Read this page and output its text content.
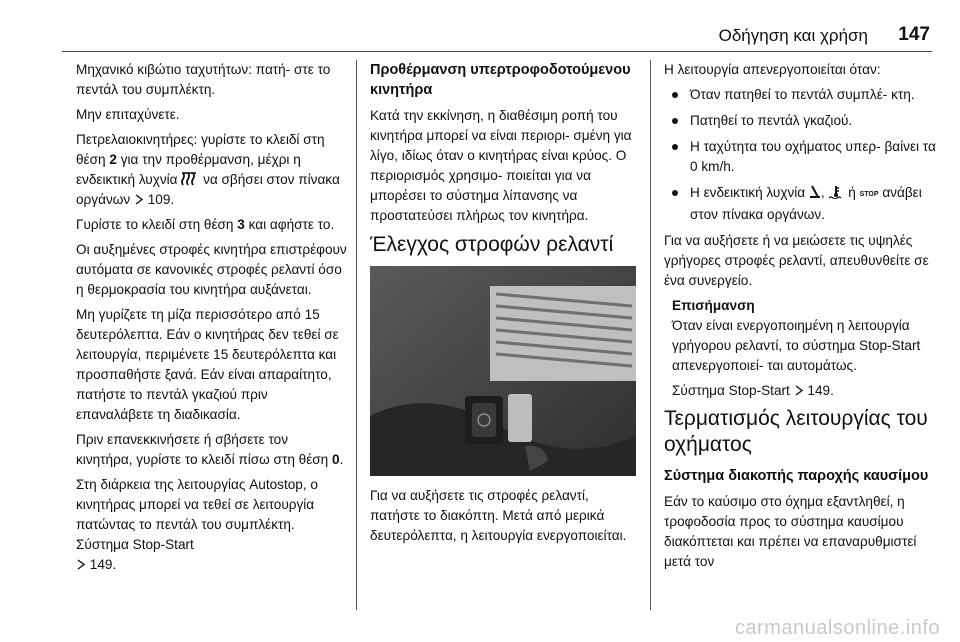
Οδήγηση και χρήση 147

Μηχανικό κιβώτιο ταχυτήτων: πατή- στε το πεντάλ του συμπλέκτη.

Μην επιταχύνετε.

Πετρελαιοκινητήρες: γυρίστε το κλειδί στη θέση 2 για την προθέρμανση, μέχρι η ενδεικτική λυχνία  να σβήσει στον πίνακα οργάνων  109.

Γυρίστε το κλειδί στη θέση 3 και αφήστε το.

Οι αυξημένες στροφές κινητήρα επιστρέφουν αυτόματα σε κανονικές στροφές ρελαντί όσο η θερμοκρασία του κινητήρα αυξάνεται.

Μη γυρίζετε τη μίζα περισσότερο από 15 δευτερόλεπτα. Εάν ο κινητήρας δεν τεθεί σε λειτουργία, περιμένετε 15 δευτερόλεπτα και προσπαθήστε ξανά. Εάν είναι απαραίτητο, πατήστε το πεντάλ γκαζιού πριν επαναλάβετε τη διαδικασία.

Πριν επανεκκινήσετε ή σβήσετε τον κινητήρα, γυρίστε το κλειδί πίσω στη θέση 0.

Στη διάρκεια της λειτουργίας Autostop, ο κινητήρας μπορεί να τεθεί σε λειτουργία πατώντας το πεντάλ του συμπλέκτη. Σύστημα Stop-Start
149.

Προθέρμανση υπερτροφοδοτούμενου κινητήρα

Κατά την εκκίνηση, η διαθέσιμη ροπή του κινητήρα μπορεί να είναι περιορι- σμένη για λίγο, ιδίως όταν ο κινητήρας είναι κρύος. Ο περιορισμός χρησιμο- ποιείται για να μπορέσει το σύστημα λίπανσης να προστατεύσει πλήρως τον κινητήρα.

Έλεγχος στροφών ρελαντί

Για να αυξήσετε τις στροφές ρελαντί, πατήστε το διακόπτη. Μετά από μερικά δευτερόλεπτα, η λειτουργία ενεργοποιείται.

Η λειτουργία απενεργοποιείται όταν:

Όταν πατηθεί το πεντάλ συμπλέ- κτη.
Πατηθεί το πεντάλ γκαζιού.
Η ταχύτητα του οχήματος υπερ- βαίνει τα 0 km/h.
Η ενδεικτική λυχνία ,  ή STOP ανάβει στον πίνακα οργάνων.

Για να αυξήσετε ή να μειώσετε τις υψηλές γρήγορες στροφές ρελαντί, απευθυνθείτε σε ένα συνεργείο.

Επισήμανση

Όταν είναι ενεργοποιημένη η λειτουργία γρήγορου ρελαντί, το σύστημα Stop-Start απενεργοποιεί- ται αυτομάτως.

Σύστημα Stop-Start  149.

Τερματισμός λειτουργίας του οχήματος
Σύστημα διακοπής παροχής καυσίμου

Εάν το καύσιμο στο όχημα εξαντληθεί, η τροφοδοσία προς το σύστημα καυσίμου διακόπτεται και πρέπει να επαναρυθμιστεί μετά τον

carmanualsonline.info
